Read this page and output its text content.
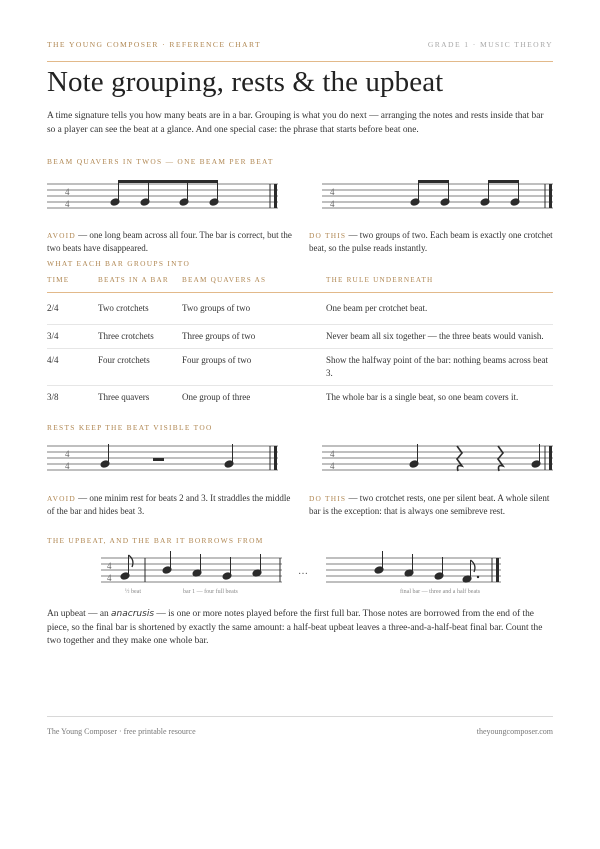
THE YOUNG COMPOSER · REFERENCE CHART	GRADE 1 · MUSIC THEORY
Note grouping, rests & the upbeat

A time signature tells you how many beats are in a bar. Grouping is what you do next — arranging the notes and rests inside that bar so a player can see the beat at a glance. And one special case: the phrase that starts before beat one.

BEAM QUAVERS IN TWOS — ONE BEAM PER BEAT
4
4
4
4
AVOID — one long beam across all four. The bar is correct, but the two beats have disappeared.
DO THIS — two groups of two. Each beam is exactly one crotchet beat, so the pulse reads instantly.
WHAT EACH BAR GROUPS INTO
TIME	BEATS IN A BAR	BEAM QUAVERS AS	THE RULE UNDERNEATH
2/4	Two crotchets	Two groups of two	One beam per crotchet beat.
3/4	Three crotchets	Three groups of two	Never beam all six together — the three beats would vanish.
4/4	Four crotchets	Four groups of two	Show the halfway point of the bar: nothing beams across beat 3.
3/8	Three quavers	One group of three	The whole bar is a single beat, so one beam covers it.
RESTS KEEP THE BEAT VISIBLE TOO
4
4
4
4
AVOID — one minim rest for beats 2 and 3. It straddles the middle of the bar and hides beat 3.
DO THIS — two crotchet rests, one per silent beat. A whole silent bar is the exception: that is always one semibreve rest.
THE UPBEAT, AND THE BAR IT BORROWS FROM
4
4
…
½ beat	bar 1 — four full beats	final bar — three and a half beats

An upbeat — an anacrusis — is one or more notes played before the first full bar. Those notes are borrowed from the end of the piece, so the final bar is shortened by exactly the same amount: a half-beat upbeat leaves a three-and-a-half-beat final bar. Count the two together and they make one whole bar.

The Young Composer · free printable resource	theyoungcomposer.com
